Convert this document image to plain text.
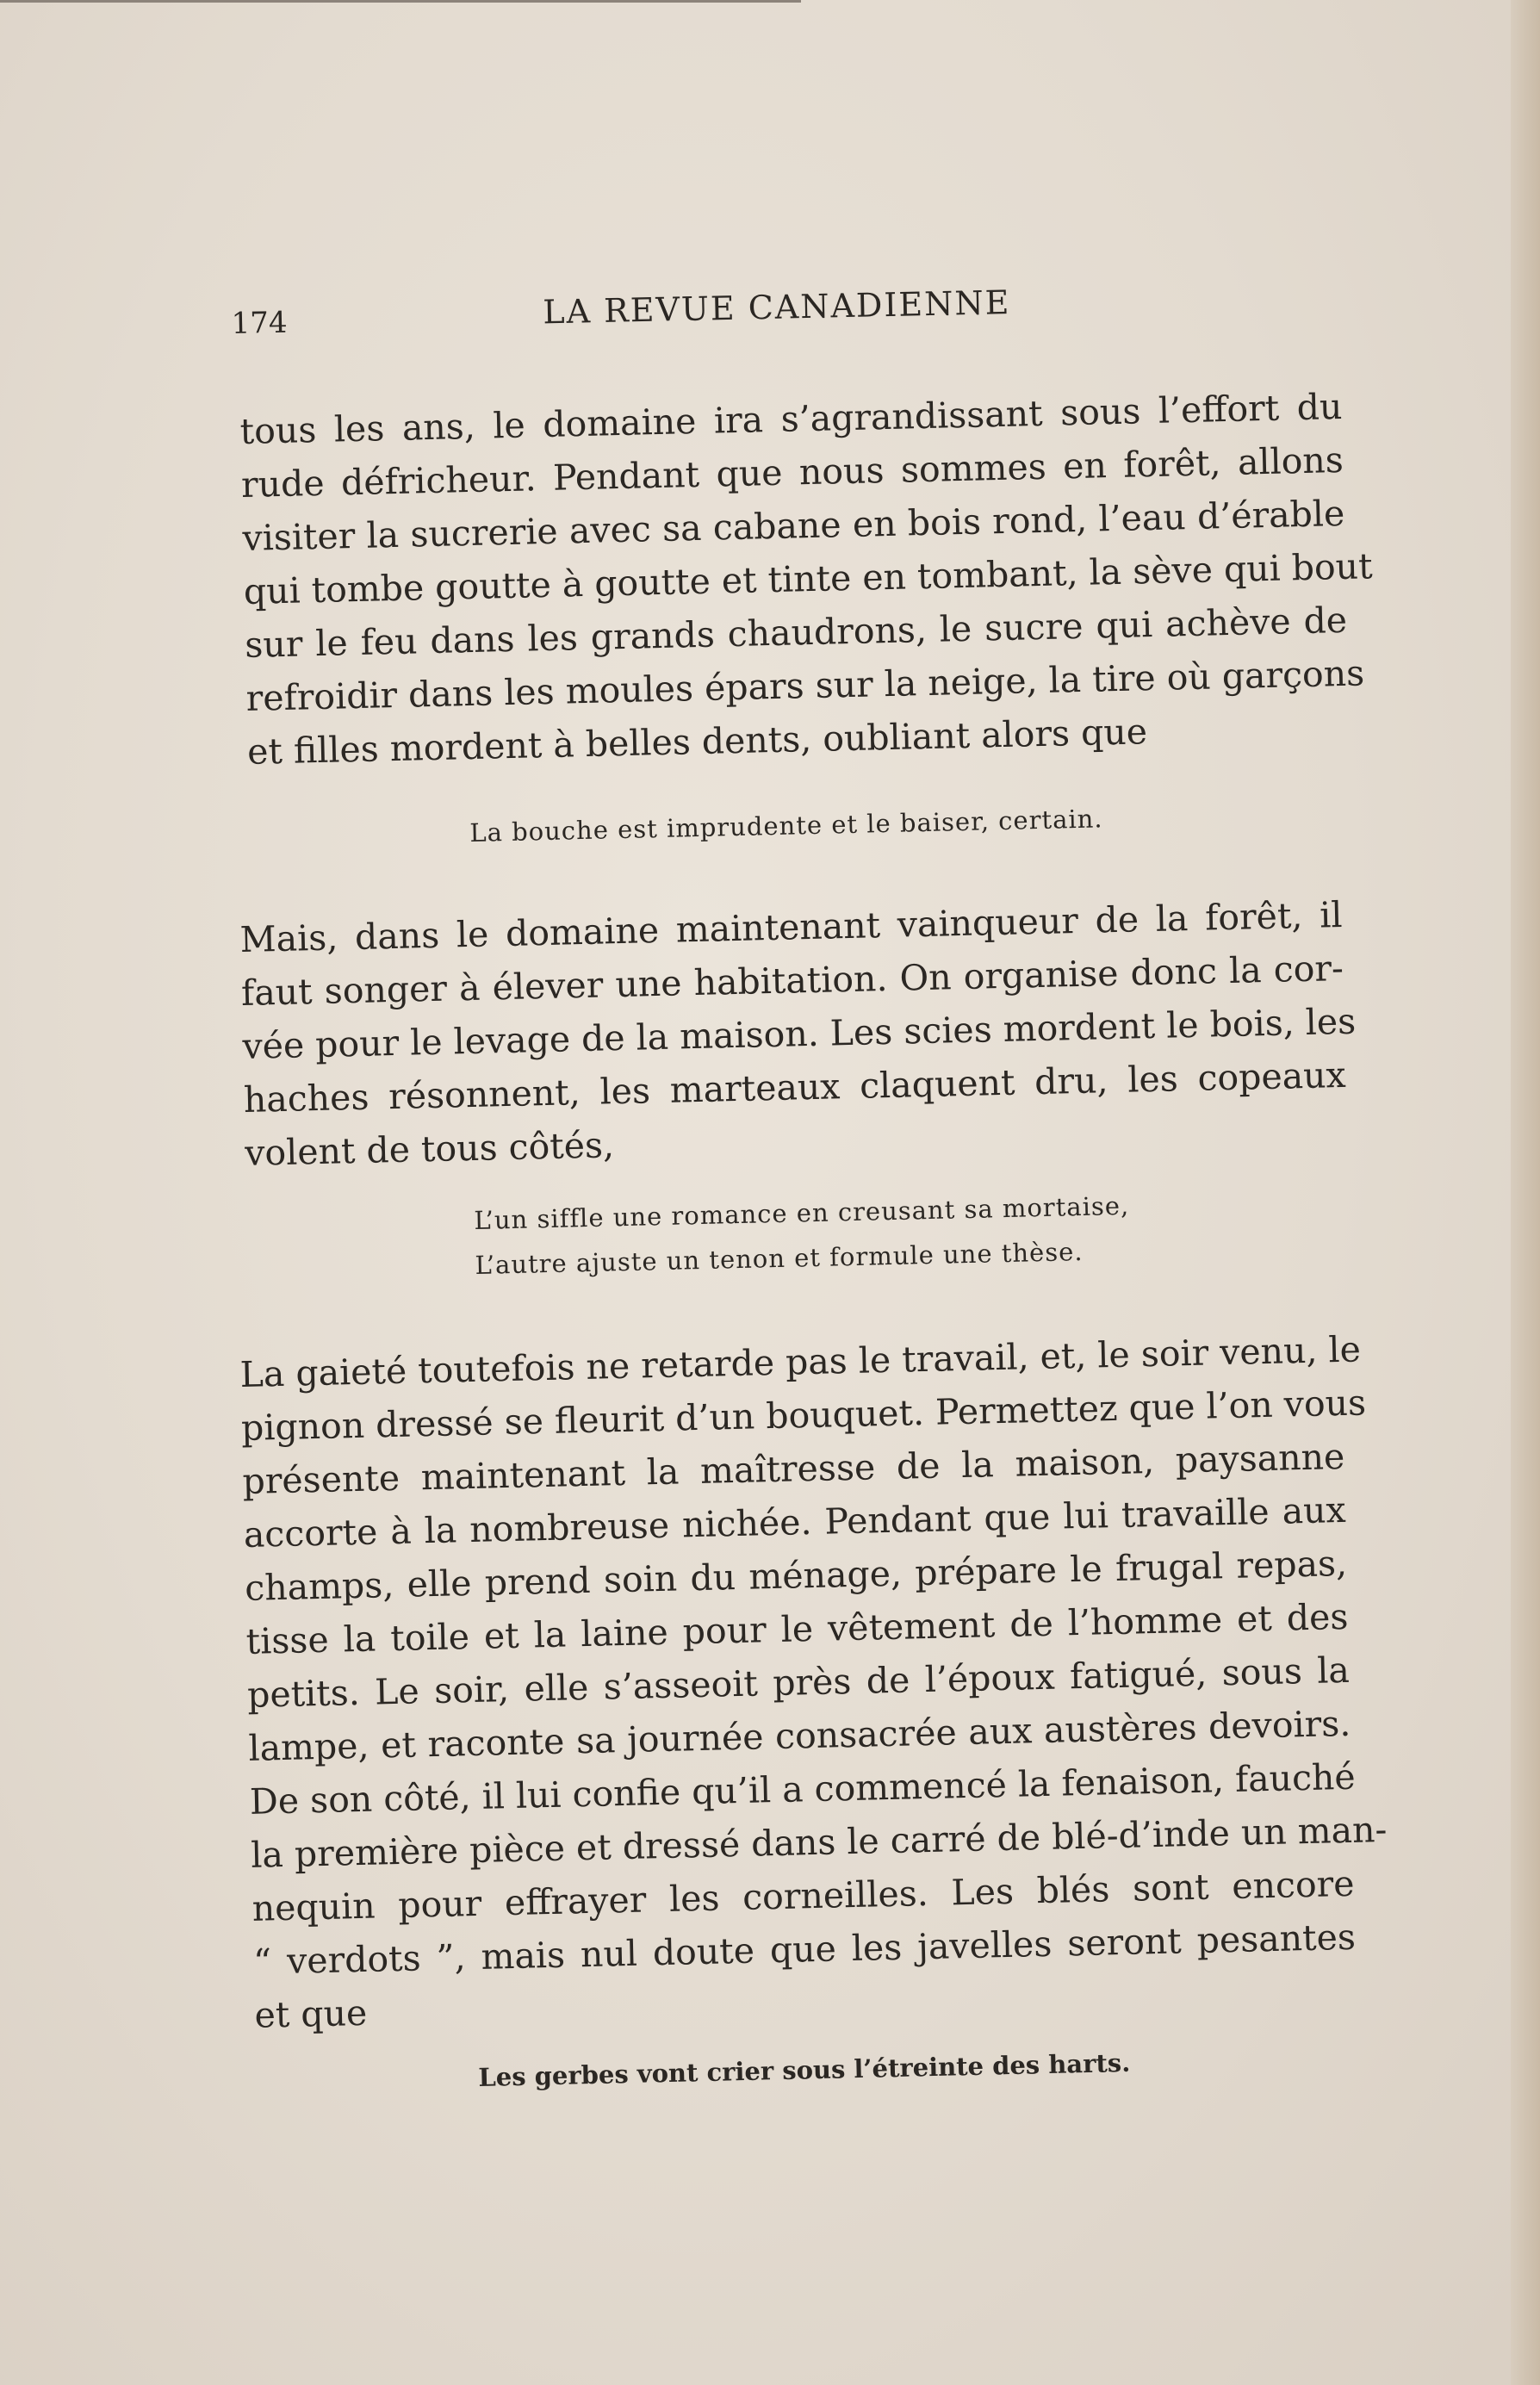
174	LA REVUE CANADIENNE
tous les ans, le domaine ira s’agrandissant sous l’effort du
rude défricheur. Pendant que nous sommes en forêt, allons
visiter la sucrerie avec sa cabane en bois rond, l’eau d’érable
qui tombe goutte à goutte et tinte en tombant, la sève qui bout
sur le feu dans les grands chaudrons, le sucre qui achève de
refroidir dans les moules épars sur la neige, la tire où garçons
et filles mordent à belles dents, oubliant alors que
La bouche est imprudente et le baiser, certain.
Mais, dans le domaine maintenant vainqueur de la forêt, il
faut songer à élever une habitation. On organise donc la cor-
vée pour le levage de la maison. Les scies mordent le bois, les
haches résonnent, les marteaux claquent dru, les copeaux
volent de tous côtés,
L’un siffle une romance en creusant sa mortaise,
L’autre ajuste un tenon et formule une thèse.
La gaieté toutefois ne retarde pas le travail, et, le soir venu, le
pignon dressé se fleurit d’un bouquet. Permettez que l’on vous
présente maintenant la maîtresse de la maison, paysanne
accorte à la nombreuse nichée. Pendant que lui travaille aux
champs, elle prend soin du ménage, prépare le frugal repas,
tisse la toile et la laine pour le vêtement de l’homme et des
petits. Le soir, elle s’asseoit près de l’époux fatigué, sous la
lampe, et raconte sa journée consacrée aux austères devoirs.
De son côté, il lui confie qu’il a commencé la fenaison, fauché
la première pièce et dressé dans le carré de blé-d’inde un man-
nequin pour effrayer les corneilles. Les blés sont encore
“ verdots ”, mais nul doute que les javelles seront pesantes
et que
Les gerbes vont crier sous l’étreinte des harts.
